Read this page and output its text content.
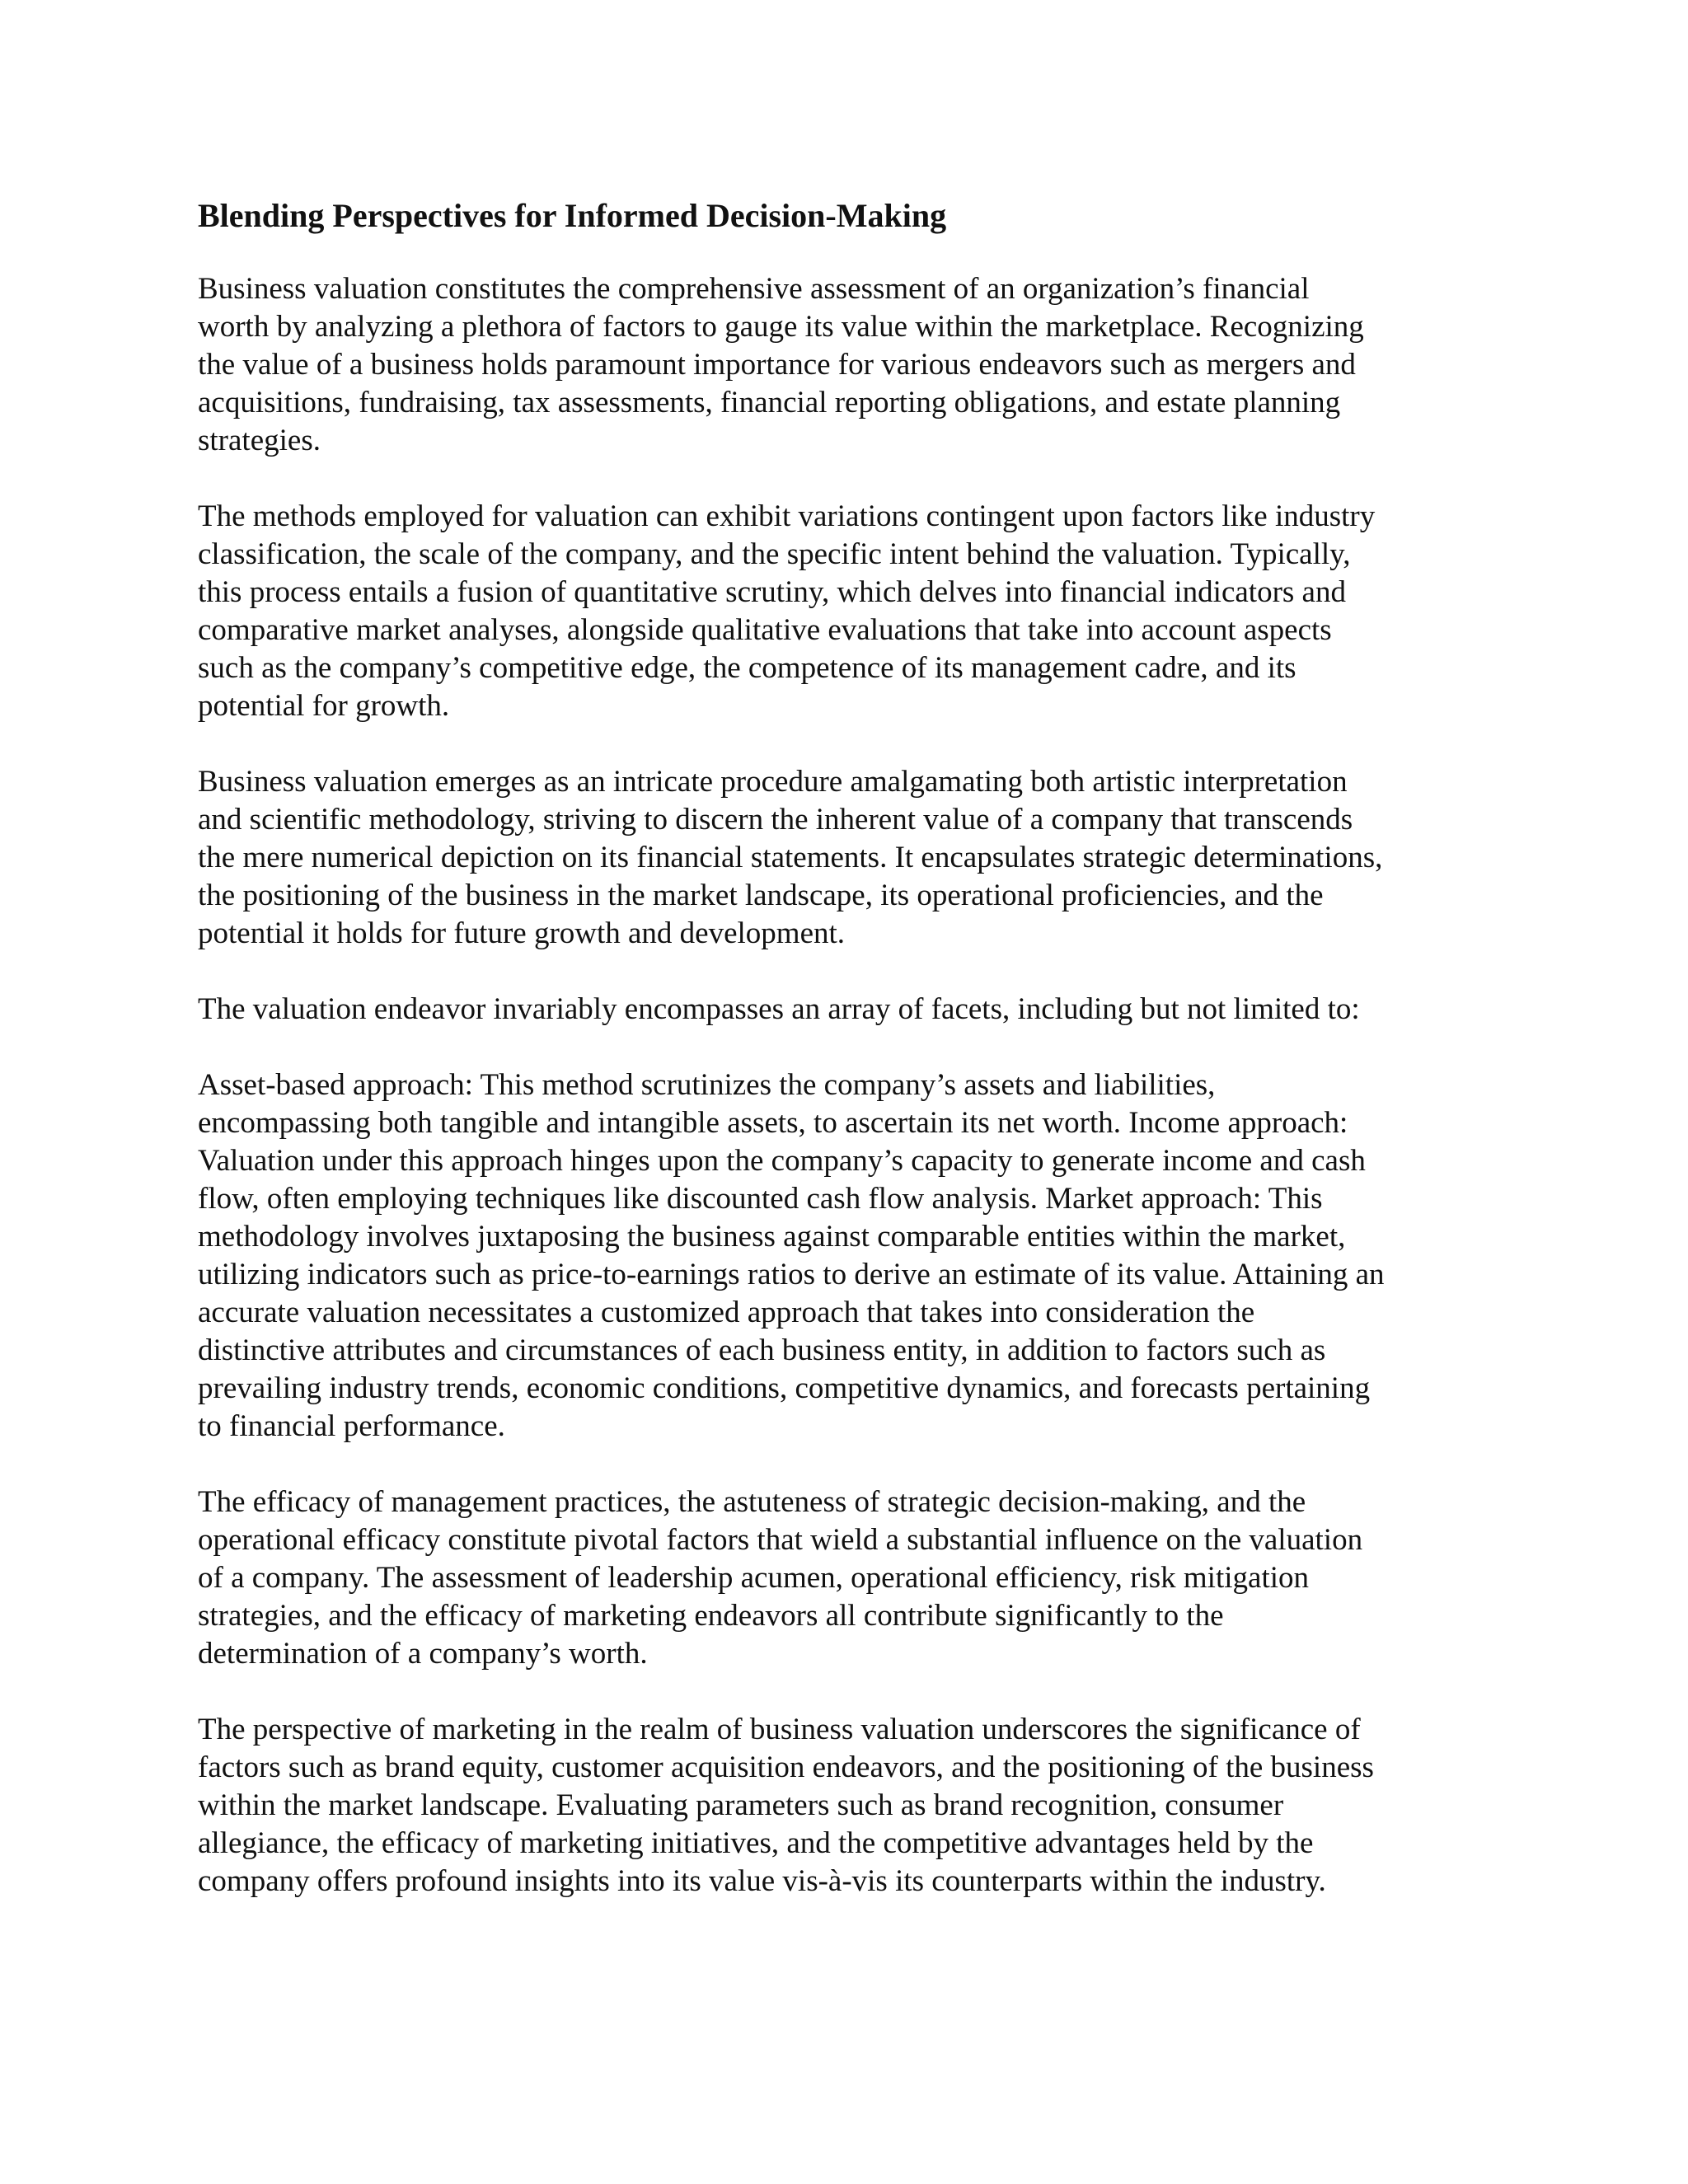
Blending Perspectives for Informed Decision-Making

Business valuation constitutes the comprehensive assessment of an organization’s financial
worth by analyzing a plethora of factors to gauge its value within the marketplace. Recognizing
the value of a business holds paramount importance for various endeavors such as mergers and
acquisitions, fundraising, tax assessments, financial reporting obligations, and estate planning
strategies.

The methods employed for valuation can exhibit variations contingent upon factors like industry
classification, the scale of the company, and the specific intent behind the valuation. Typically,
this process entails a fusion of quantitative scrutiny, which delves into financial indicators and
comparative market analyses, alongside qualitative evaluations that take into account aspects
such as the company’s competitive edge, the competence of its management cadre, and its
potential for growth.

Business valuation emerges as an intricate procedure amalgamating both artistic interpretation
and scientific methodology, striving to discern the inherent value of a company that transcends
the mere numerical depiction on its financial statements. It encapsulates strategic determinations,
the positioning of the business in the market landscape, its operational proficiencies, and the
potential it holds for future growth and development.

The valuation endeavor invariably encompasses an array of facets, including but not limited to:

Asset-based approach: This method scrutinizes the company’s assets and liabilities,
encompassing both tangible and intangible assets, to ascertain its net worth. Income approach:
Valuation under this approach hinges upon the company’s capacity to generate income and cash
flow, often employing techniques like discounted cash flow analysis. Market approach: This
methodology involves juxtaposing the business against comparable entities within the market,
utilizing indicators such as price-to-earnings ratios to derive an estimate of its value. Attaining an
accurate valuation necessitates a customized approach that takes into consideration the
distinctive attributes and circumstances of each business entity, in addition to factors such as
prevailing industry trends, economic conditions, competitive dynamics, and forecasts pertaining
to financial performance.

The efficacy of management practices, the astuteness of strategic decision-making, and the
operational efficacy constitute pivotal factors that wield a substantial influence on the valuation
of a company. The assessment of leadership acumen, operational efficiency, risk mitigation
strategies, and the efficacy of marketing endeavors all contribute significantly to the
determination of a company’s worth.

The perspective of marketing in the realm of business valuation underscores the significance of
factors such as brand equity, customer acquisition endeavors, and the positioning of the business
within the market landscape. Evaluating parameters such as brand recognition, consumer
allegiance, the efficacy of marketing initiatives, and the competitive advantages held by the
company offers profound insights into its value vis-à-vis its counterparts within the industry.
